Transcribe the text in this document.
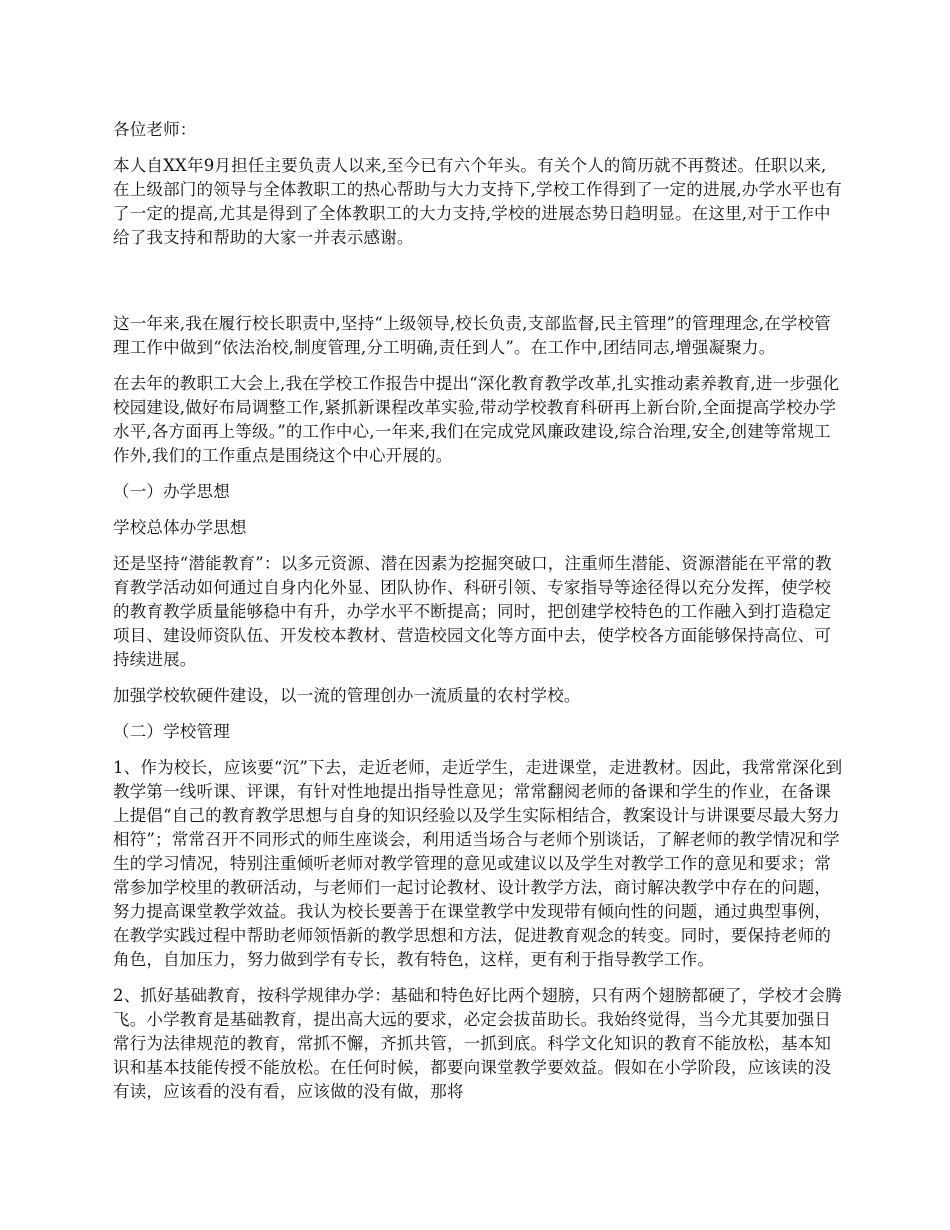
各位老师：

本人自XX年9月担任主要负责人以来,至今已有六个年头。有关个人的简历就不再赘述。任职以来,在上级部门的领导与全体教职工的热心帮助与大力支持下,学校工作得到了一定的进展,办学水平也有了一定的提高,尤其是得到了全体教职工的大力支持,学校的进展态势日趋明显。在这里,对于工作中给了我支持和帮助的大家一并表示感谢。

这一年来,我在履行校长职责中,坚持“上级领导,校长负责,支部监督,民主管理”的管理理念,在学校管理工作中做到“依法治校,制度管理,分工明确,责任到人”。在工作中,团结同志,增强凝聚力。

在去年的教职工大会上,我在学校工作报告中提出“深化教育教学改革,扎实推动素养教育,进一步强化校园建设,做好布局调整工作,紧抓新课程改革实验,带动学校教育科研再上新台阶,全面提高学校办学水平,各方面再上等级。”的工作中心,一年来,我们在完成党风廉政建设,综合治理,安全,创建等常规工作外,我们的工作重点是围绕这个中心开展的。

（一）办学思想

学校总体办学思想

还是坚持“潜能教育”：以多元资源、潜在因素为挖掘突破口，注重师生潜能、资源潜能在平常的教育教学活动如何通过自身内化外显、团队协作、科研引领、专家指导等途径得以充分发挥，使学校的教育教学质量能够稳中有升，办学水平不断提高；同时，把创建学校特色的工作融入到打造稳定项目、建设师资队伍、开发校本教材、营造校园文化等方面中去，使学校各方面能够保持高位、可持续进展。

加强学校软硬件建设，以一流的管理创办一流质量的农村学校。

（二）学校管理

1、作为校长，应该要“沉”下去，走近老师，走近学生，走进课堂，走进教材。因此，我常常深化到教学第一线听课、评课，有针对性地提出指导性意见；常常翻阅老师的备课和学生的作业，在备课上提倡“自己的教育教学思想与自身的知识经验以及学生实际相结合，教案设计与讲课要尽最大努力相符”；常常召开不同形式的师生座谈会，利用适当场合与老师个别谈话，了解老师的教学情况和学生的学习情况，特别注重倾听老师对教学管理的意见或建议以及学生对教学工作的意见和要求；常常参加学校里的教研活动，与老师们一起讨论教材、设计教学方法，商讨解决教学中存在的问题，努力提高课堂教学效益。我认为校长要善于在课堂教学中发现带有倾向性的问题，通过典型事例，在教学实践过程中帮助老师领悟新的教学思想和方法，促进教育观念的转变。同时，要保持老师的角色，自加压力，努力做到学有专长，教有特色，这样，更有利于指导教学工作。

2、抓好基础教育，按科学规律办学：基础和特色好比两个翅膀，只有两个翅膀都硬了，学校才会腾飞。小学教育是基础教育，提出高大远的要求，必定会拔苗助长。我始终觉得，当今尤其要加强日常行为法律规范的教育，常抓不懈，齐抓共管，一抓到底。科学文化知识的教育不能放松，基本知识和基本技能传授不能放松。在任何时候，都要向课堂教学要效益。假如在小学阶段，应该读的没有读，应该看的没有看，应该做的没有做，那将
